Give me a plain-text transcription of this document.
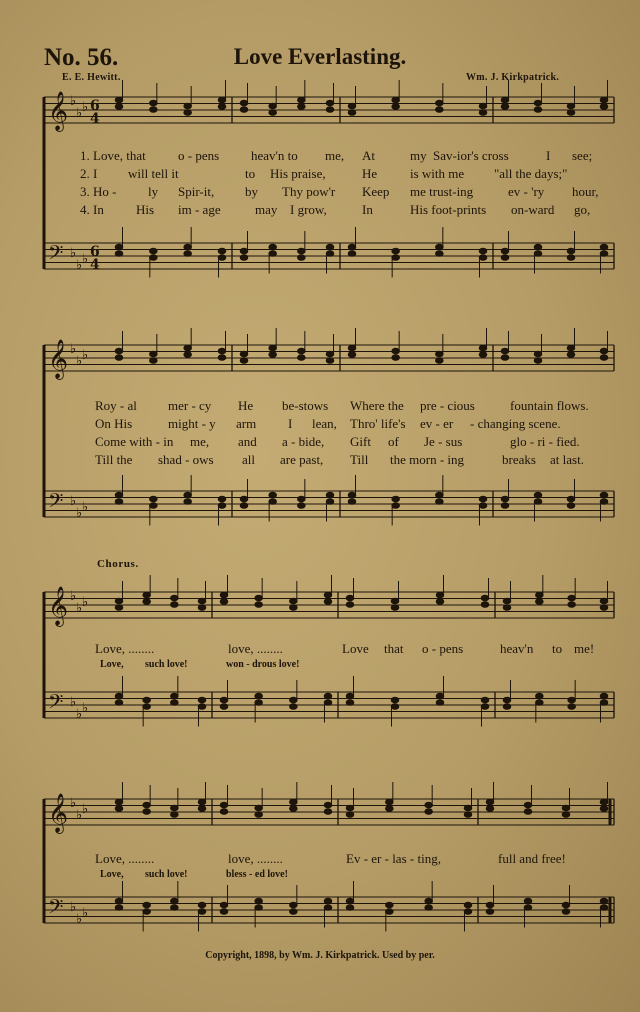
No. 56.	Love Everlasting.
E. E. Hewitt.	Wm. J. Kirkpatrick.
𝄞 ♭
♭ ♭ 6
4
𝄢 ♭
♭ ♭ 6
4
𝄞 ♭
♭ ♭
𝄢 ♭
♭ ♭
𝄞 ♭
♭ ♭
𝄢 ♭
♭ ♭
𝄞 ♭
♭ ♭
𝄢 ♭
♭ ♭
1. Love, that o - pens heav'n to me, At	my Sav-ior's cross	I see;
2. I will tell it	to His praise,	He	is with me "all the days;"
3. Ho - ly Spir-it, by Thy pow'r Keep me trust-ing	ev - 'ry hour,
4. In His im - age	may I grow,	In	His foot-prints on-ward go,
Roy - al mer - cy He be-stows Where the pre - cious	fountain flows.
On His	might - y arm I lean, Thro' life's ev - er - changing scene.
Come with - in me, and a - bide, Gift of Je - sus	glo - ri - fied.
Till the shad - ows all are past, Till the morn - ing	breaks at last.
Chorus.
Love, ........	love, ........	Love that o - pens	heav'n to me!
Love, such love!	won - drous love!
Love, ........	love, ........	Ev - er - las - ting,	full and free!
Love, such love!	bless - ed love!
Copyright, 1898, by Wm. J. Kirkpatrick. Used by per.
